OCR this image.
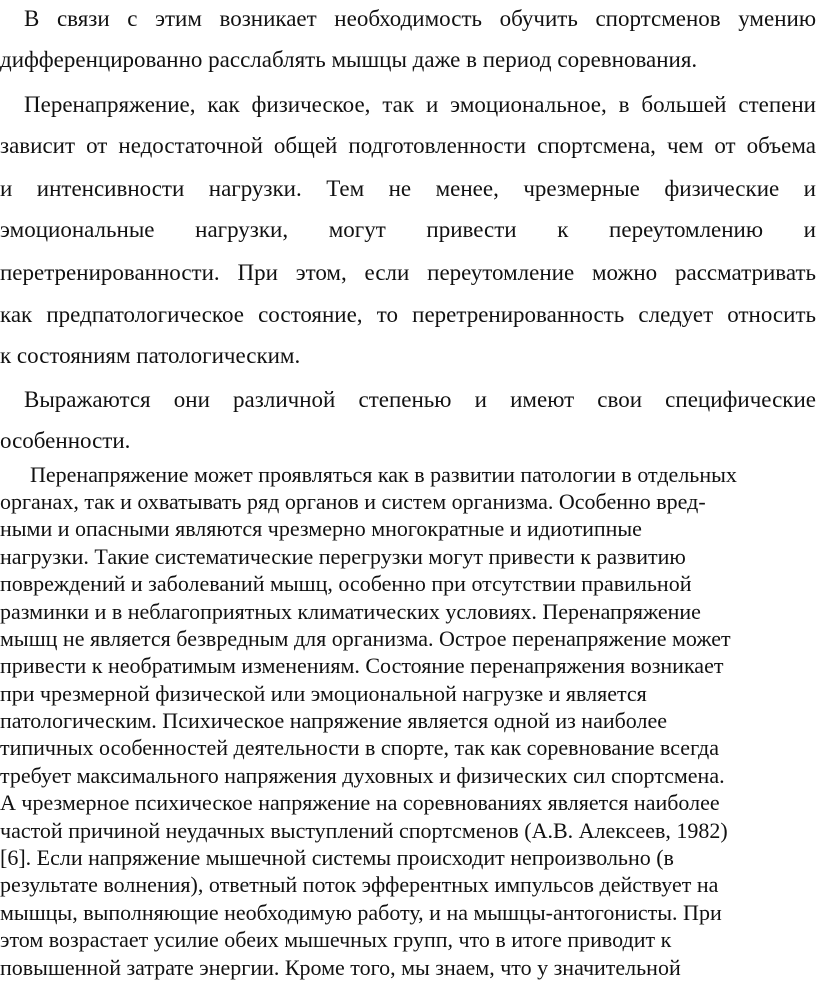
В связи с этим возникает необходимость обучить спортсменов умению
дифференцированно расслаблять мышцы даже в период соревнования.
Перенапряжение, как физическое, так и эмоциональное, в большей степени
зависит от недостаточной общей подготовленности спортсмена, чем от объема
и интенсивности нагрузки. Тем не менее, чрезмерные физические и
эмоциональные нагрузки, могут привести к переутомлению и
перетренированности. При этом, если переутомление можно рассматривать
как предпатологическое состояние, то перетренированность следует относить
к состояниям патологическим.
Выражаются они различной степенью и имеют свои специфические
особенности.
Перенапряжение может проявляться как в развитии патологии в отдельных
органах, так и охватывать ряд органов и систем организма. Особенно вред-
ными и опасными являются чрезмерно многократные и идиотипные
нагрузки. Такие систематические перегрузки могут привести к развитию
повреждений и заболеваний мышц, особенно при отсутствии правильной
разминки и в неблагоприятных климатических условиях. Перенапряжение
мышц не является безвредным для организма. Острое перенапряжение может
привести к необратимым изменениям. Состояние перенапряжения возникает
при чрезмерной физической или эмоциональной нагрузке и является
патологическим. Психическое напряжение является одной из наиболее
типичных особенностей деятельности в спорте, так как соревнование всегда
требует максимального напряжения духовных и физических сил спортсмена.
А чрезмерное психическое напряжение на соревнованиях является наиболее
частой причиной неудачных выступлений спортсменов (А.В. Алексеев, 1982)
[6]. Если напряжение мышечной системы происходит непроизвольно (в
результате волнения), ответный поток эфферентных импульсов действует на
мышцы, выполняющие необходимую работу, и на мышцы-антогонисты. При
этом возрастает усилие обеих мышечных групп, что в итоге приводит к
повышенной затрате энергии. Кроме того, мы знаем, что у значительной
